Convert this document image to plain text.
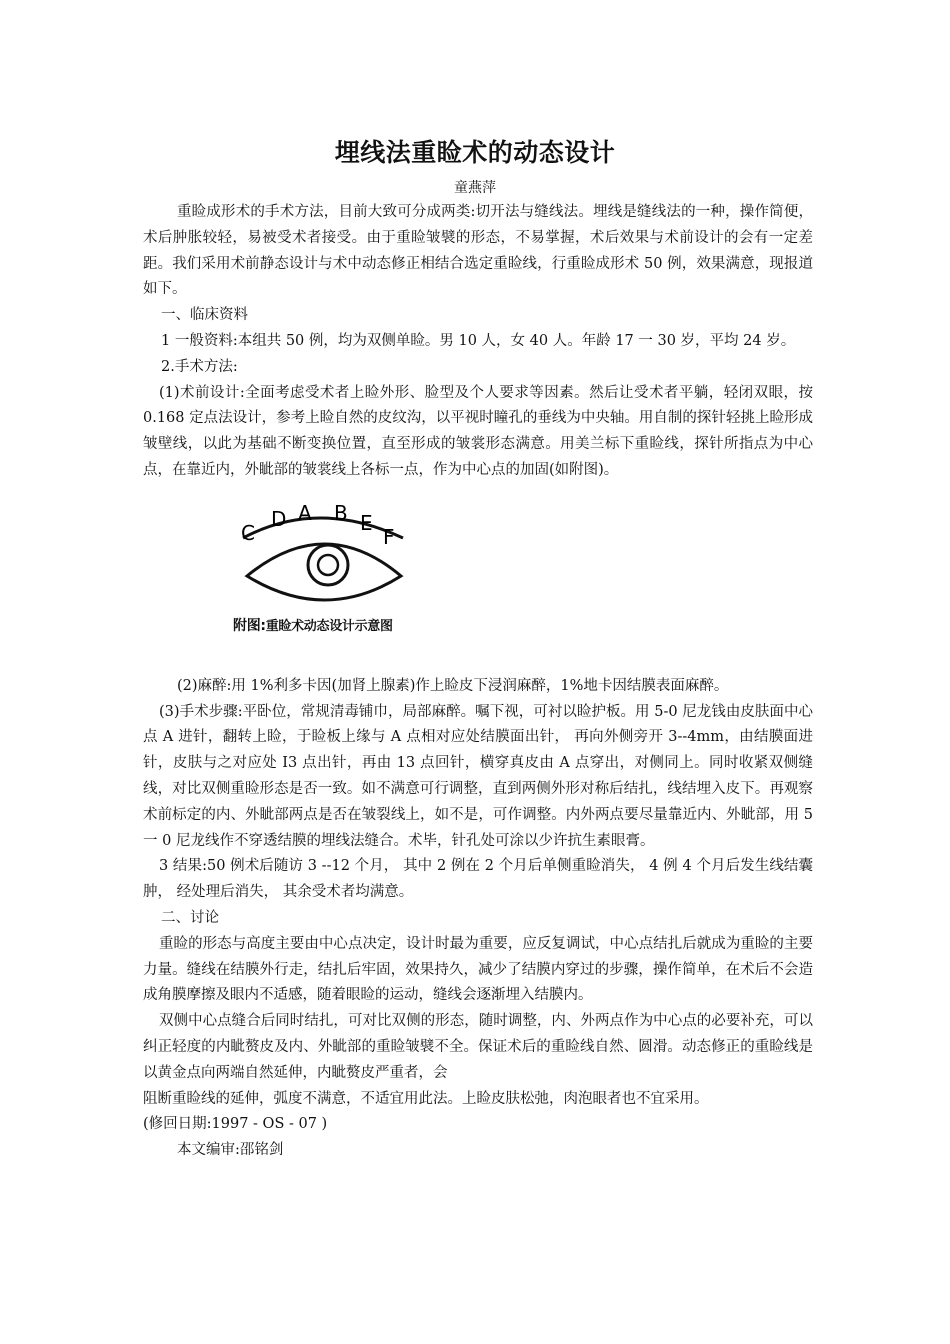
埋线法重睑术的动态设计
童燕萍

重睑成形术的手术方法，目前大致可分成两类:切开法与缝线法。埋线是缝线法的一种，操作简便，术后肿胀较轻，易被受术者接受。由于重睑皱襞的形态，不易掌握，术后效果与术前设计的会有一定差距。我们采用术前静态设计与术中动态修正相结合选定重睑线，行重睑成形术 50 例，效果满意，现报道如下。

一、临床资料

1 一般资料:本组共 50 例，均为双侧单睑。男 10 人，女 40 人。年龄 17 一 30 岁，平均 24 岁。

2.手术方法:

(1)术前设计:全面考虑受术者上睑外形、脸型及个人要求等因素。然后让受术者平躺，轻闭双眼，按 0.168 定点法设计，参考上睑自然的皮纹沟，以平视时瞳孔的垂线为中央轴。用自制的探针轻挑上睑形成皱壁线，以此为基础不断变换位置，直至形成的皱裳形态满意。用美兰标下重睑线，探针所指点为中心点，在靠近内，外眦部的皱裳线上各标一点，作为中心点的加固(如附图)。

C
D A B E
F
附图:重睑术动态设计示意图

(2)麻醉:用 1%利多卡因(加肾上腺素)作上睑皮下浸润麻醉，1%地卡因结膜表面麻醉。

(3)手术步骤:平卧位，常规清毒铺巾，局部麻醉。嘱下视，可衬以睑护板。用 5-0 尼龙钱由皮肤面中心点 A 进针，翻转上睑，于睑板上缘与 A 点相对应处结膜面出针， 再向外侧旁开 3--4mm，由结膜面进针，皮肤与之对应处 I3 点出针，再由 13 点回针，横穿真皮由 A 点穿出，对侧同上。同时收紧双侧缝线，对比双侧重睑形态是否一致。如不满意可行调整，直到两侧外形对称后结扎，线结埋入皮下。再观察术前标定的内、外眦部两点是否在皱裂线上，如不是，可作调整。内外两点要尽量靠近内、外眦部，用 5 一 0 尼龙线作不穿透结膜的埋线法缝合。术毕，针孔处可涂以少许抗生素眼膏。

3 结果:50 例术后随访 3 --12 个月， 其中 2 例在 2 个月后单侧重睑消失， 4 例 4 个月后发生线结囊肿， 经处理后消失， 其余受术者均满意。

二、讨论

重睑的形态与高度主要由中心点决定，设计时最为重要，应反复调试，中心点结扎后就成为重睑的主要力量。缝线在结膜外行走，结扎后牢固，效果持久，减少了结膜内穿过的步骤，操作简单，在术后不会造成角膜摩擦及眼内不适感，随着眼睑的运动，缝线会逐渐埋入结膜内。

双侧中心点缝合后同时结扎，可对比双侧的形态，随时调整，内、外两点作为中心点的必要补充，可以纠正轻度的内眦赘皮及内、外眦部的重睑皱襞不全。保证术后的重睑线自然、圆滑。动态修正的重睑线是以黄金点向两端自然延伸，内眦赘皮严重者，会

阻断重睑线的延伸，弧度不满意，不适宜用此法。上睑皮肤松弛，肉泡眼者也不宜采用。

(修回日期:1997 - OS - 07 )

本文编审:邵铭剑
